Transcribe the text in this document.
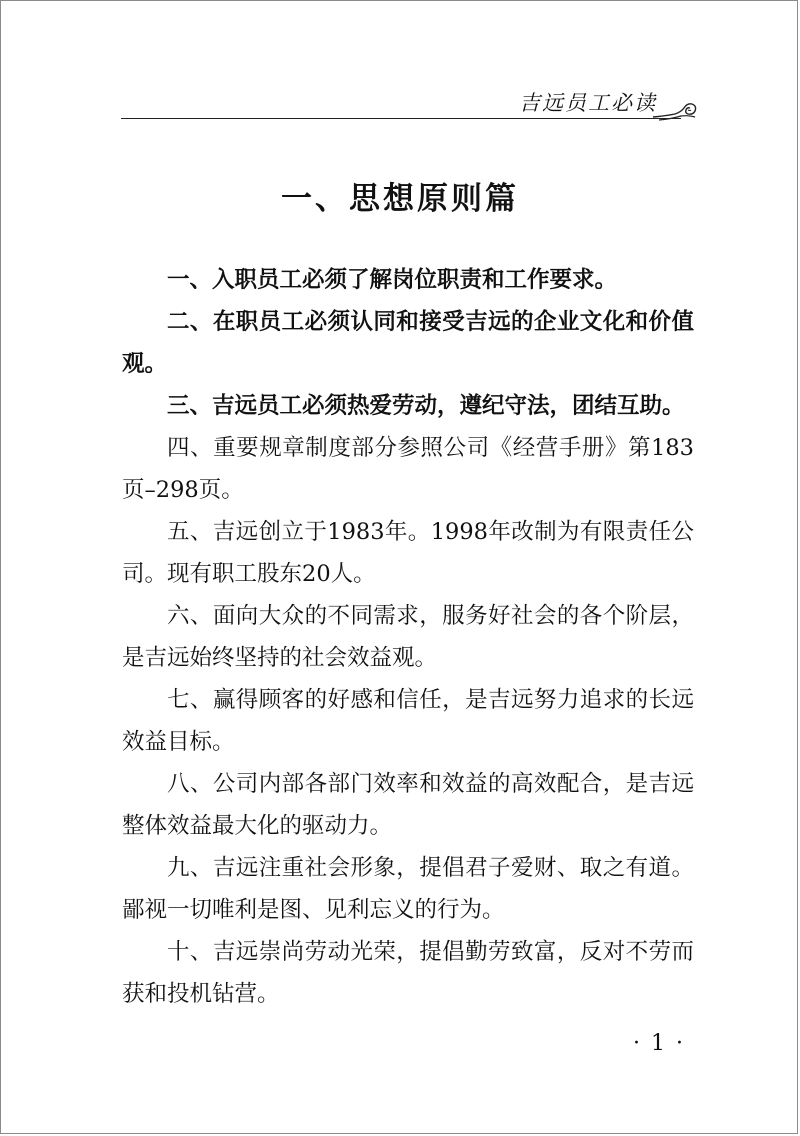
吉远员工必读
一、思想原则篇

一、入职员工必须了解岗位职责和工作要求。

二、在职员工必须认同和接受吉远的企业文化和价值观。

三、吉远员工必须热爱劳动，遵纪守法，团结互助。

四、重要规章制度部分参照公司《经营手册》第183页–298页。

五、吉远创立于1983年。1998年改制为有限责任公司。现有职工股东20人。

六、面向大众的不同需求，服务好社会的各个阶层，是吉远始终坚持的社会效益观。

七、赢得顾客的好感和信任，是吉远努力追求的长远效益目标。

八、公司内部各部门效率和效益的高效配合，是吉远整体效益最大化的驱动力。

九、吉远注重社会形象，提倡君子爱财、取之有道。鄙视一切唯利是图、见利忘义的行为。

十、吉远崇尚劳动光荣，提倡勤劳致富，反对不劳而获和投机钻营。

· 1 ·
